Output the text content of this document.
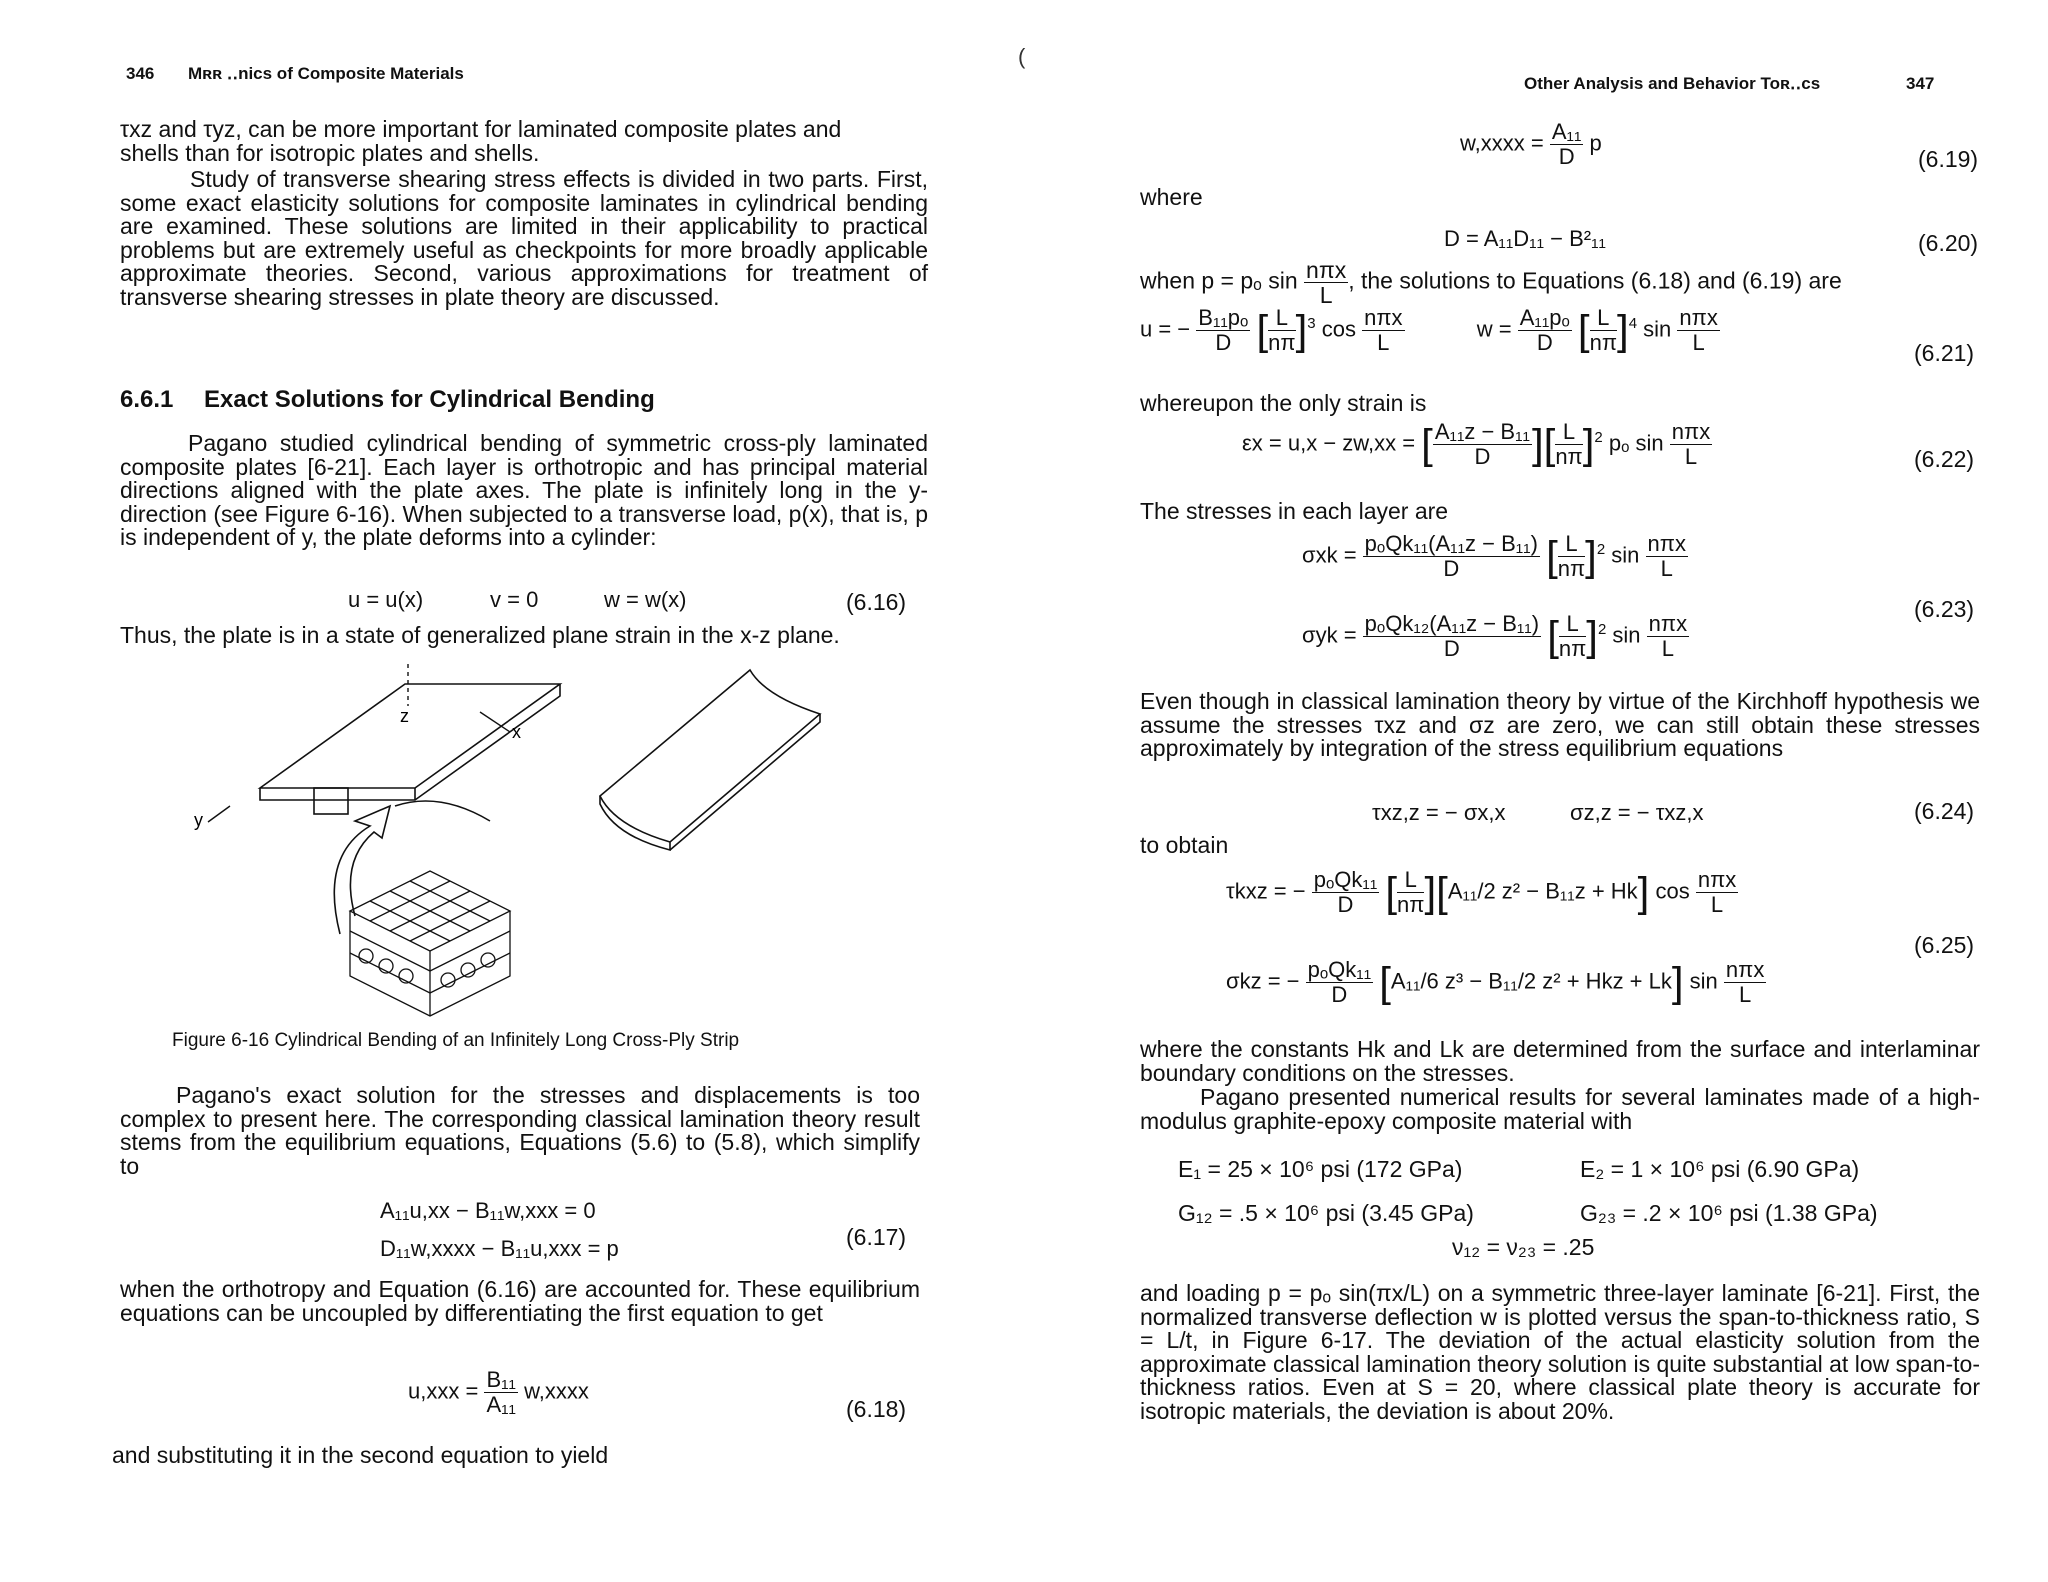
346 Mʀʀ ‥nics of Composite Materials
τxz and τyz, can be more important for laminated composite plates and
shells than for isotropic plates and shells.
Study of transverse shearing stress effects is divided in two parts. First, some exact elasticity solutions for composite laminates in cylindrical bending are examined. These solutions are limited in their applicability to practical problems but are extremely useful as checkpoints for more broadly applicable approximate theories. Second, various approximations for treatment of transverse shearing stresses in plate theory are discussed.
6.6.1 Exact Solutions for Cylindrical Bending
Pagano studied cylindrical bending of symmetric cross-ply laminated composite plates [6-21]. Each layer is orthotropic and has principal material directions aligned with the plate axes. The plate is infinitely long in the y-direction (see Figure 6-16). When subjected to a transverse load, p(x), that is, p is independent of y, the plate deforms into a cylinder:
u = u(x)	v = 0	w = w(x)	(6.16)
Thus, the plate is in a state of generalized plane strain in the x-z plane.
z
x
y
Figure 6-16 Cylindrical Bending of an Infinitely Long Cross-Ply Strip
Pagano's exact solution for the stresses and displacements is too complex to present here. The corresponding classical lamination theory result stems from the equilibrium equations, Equations (5.6) to (5.8), which simplify to
A₁₁u,xx − B₁₁w,xxx = 0
D₁₁w,xxxx − B₁₁u,xxx = p	(6.17)
when the orthotropy and Equation (6.16) are accounted for. These equilibrium equations can be uncoupled by differentiating the first equation to get
$u,xxx = \frac{\text{B₁₁}}{\text{A₁₁}}$ w,xxxx
(6.18)
and substituting it in the second equation to yield
(
Other Analysis and Behavior Toʀ‥cs	347
w,xxxx = $\frac{\text{A₁₁}}{D}$ p
(6.19)
where
D = A₁₁D₁₁ − B²₁₁	(6.20)
when p = pₒ sin nπx
L
, the solutions to Equations (6.18) and (6.19) are
u = − $\frac{\text{B₁₁pₒ}}{D}$ [ $\frac{L}{n\pi} ]^3$ cos nπx
L
$w = \frac{\text{A₁₁pₒ}}{D}$ [ $\frac{L}{n\pi} ]^4$ sin nπx
L	(6.21)
whereupon the only strain is
εx = u,x − zw,xx = [ $\frac{\text{A₁₁z − B₁₁}}{D}$ ][ $\frac{L}{n\pi} ]^2$ pₒ sin nπx
L	(6.22)
The stresses in each layer are
σxk = pₒQk₁₁(A₁₁z − B₁₁)
D	[ $\frac{L}{n\pi} ]^2$ sin nπx
L
σyk = pₒQk₁₂(A₁₁z − B₁₁)
D	[ $\frac{L}{n\pi} ]^2$ sin nπx
L
(6.23)
Even though in classical lamination theory by virtue of the Kirchhoff hypothesis we assume the stresses τxz and σz are zero, we can still obtain these stresses approximately by integration of the stress equilibrium equations
τxz,z = − σx,x	σz,z = − τxz,x	(6.24)
to obtain
τkxz = − pₒQk₁₁
D [ $\frac{L}{n\pi} ][A_{11}/2$ z² − B₁₁z + Hk] cos nπx
L
σkz = − pₒQk₁₁
D [A₁₁/6 z³ − B₁₁/2 z² + Hkz + Lk] sin nπx
L
(6.25)
where the constants Hk and Lk are determined from the surface and interlaminar boundary conditions on the stresses.
Pagano presented numerical results for several laminates made of a high-modulus graphite-epoxy composite material with
E₁ = 25 × 10⁶ psi (172 GPa)	E₂ = 1 × 10⁶ psi (6.90 GPa)
G₁₂ = .5 × 10⁶ psi (3.45 GPa)	G₂₃ = .2 × 10⁶ psi (1.38 GPa)
ν₁₂ = ν₂₃ = .25
and loading p = pₒ sin(πx/L) on a symmetric three-layer laminate [6-21]. First, the normalized transverse deflection w is plotted versus the span-to-thickness ratio, S = L/t, in Figure 6-17. The deviation of the actual elasticity solution from the approximate classical lamination theory solution is quite substantial at low span-to-thickness ratios. Even at S = 20, where classical plate theory is accurate for isotropic materials, the deviation is about 20%.
